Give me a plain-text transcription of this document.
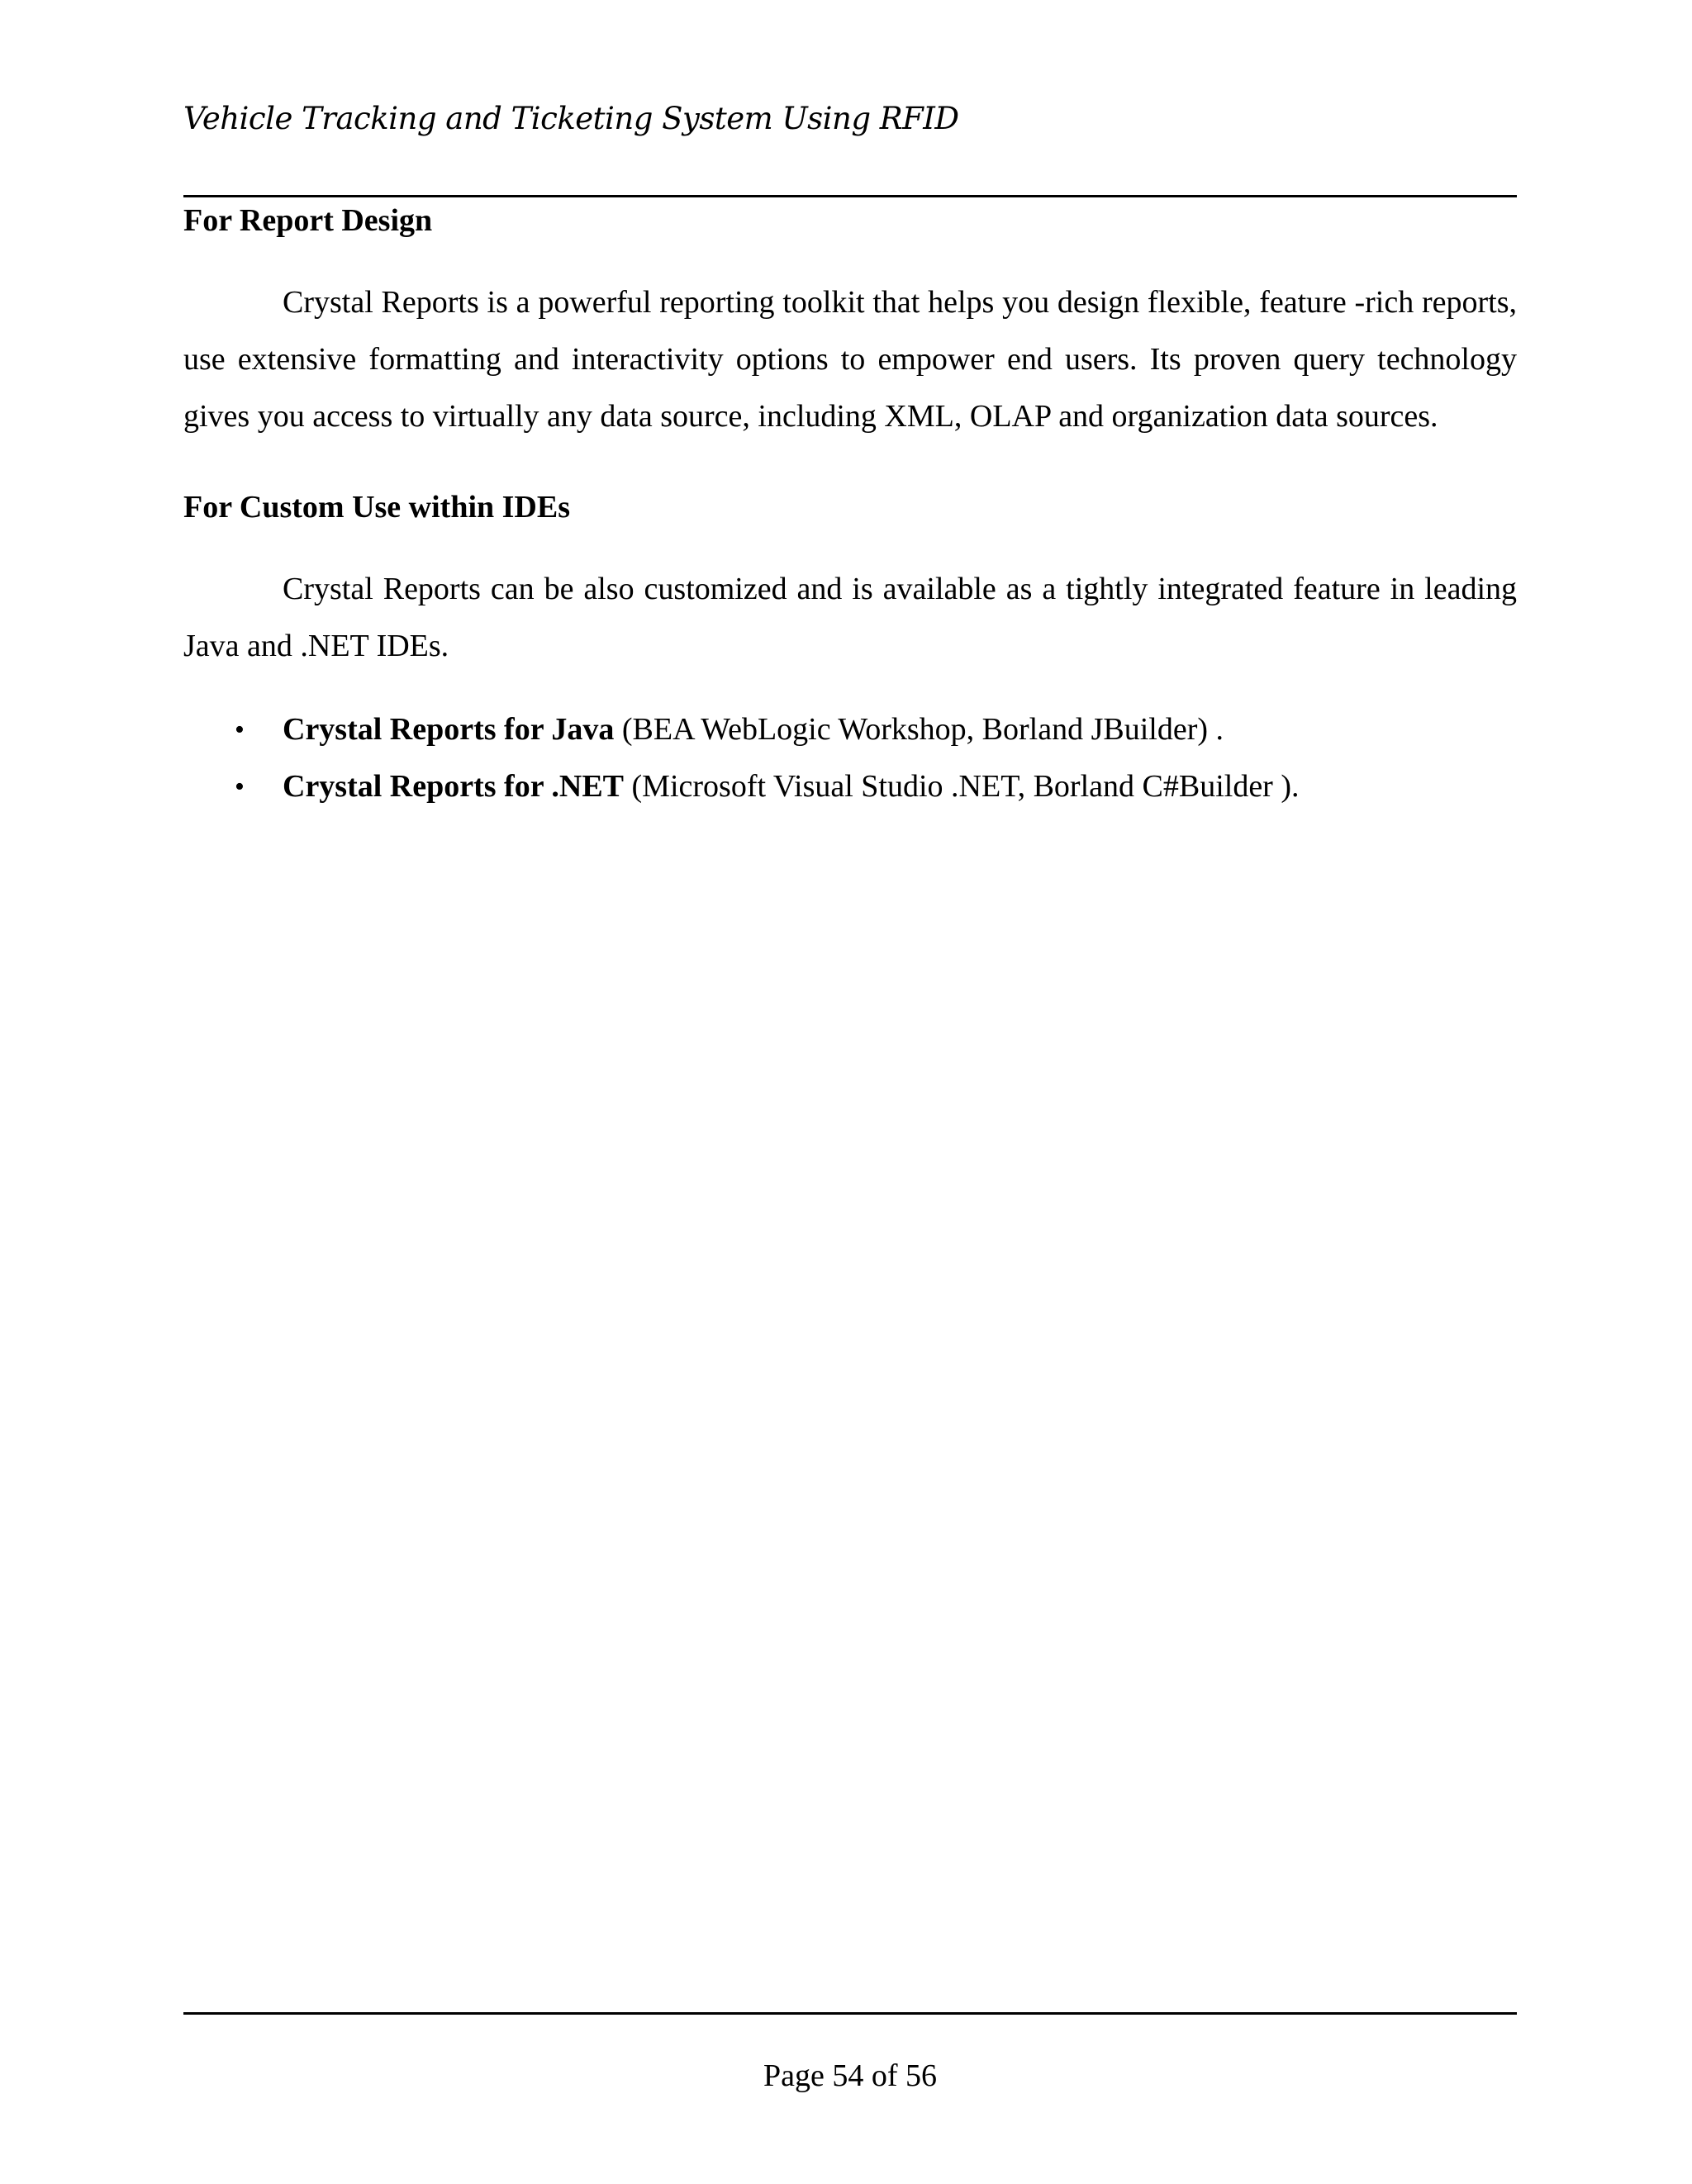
Vehicle Tracking and Ticketing System Using RFID
For Report Design

Crystal Reports is a powerful reporting toolkit that helps you design flexible, feature -rich reports, use extensive formatting and interactivity options to empower end users. Its proven query technology gives you access to virtually any data source, including XML, OLAP and organization data sources.

For Custom Use within IDEs

Crystal Reports can be also customized and is available as a tightly integrated feature in leading Java and .NET IDEs.

• Crystal Reports for Java (BEA WebLogic Workshop, Borland JBuilder) .
• Crystal Reports for .NET (Microsoft Visual Studio .NET, Borland C#Builder ).
Page 54 of 56
